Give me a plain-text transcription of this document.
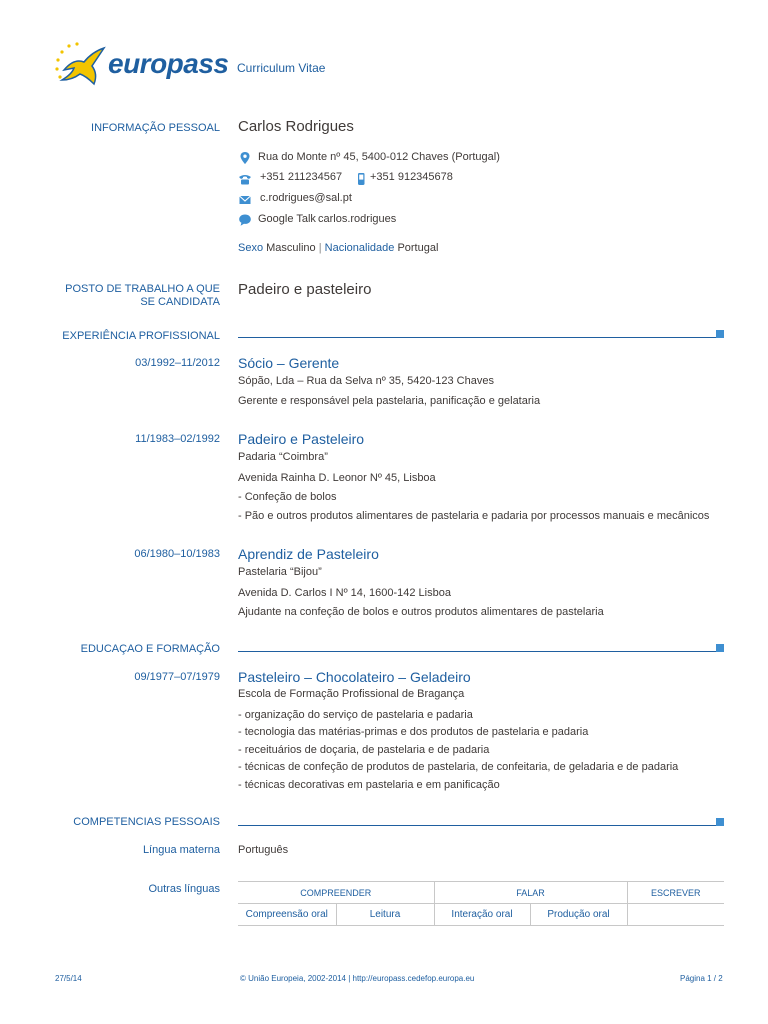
europass Curriculum Vitae
INFORMAÇÃO PESSOAL Carlos Rodrigues
Rua do Monte nº 45, 5400-012 Chaves (Portugal)
+351 211234567	+351 912345678
c.rodrigues@sal.pt
Google Talk carlos.rodrigues
Sexo Masculino | Nacionalidade Portugal
POSTO DE TRABALHO A QUE
SE CANDIDATA
Padeiro e pasteleiro
EXPERIÊNCIA PROFISSIONAL
03/1992–11/2012 Sócio – Gerente
Sópão, Lda – Rua da Selva nº 35, 5420-123 Chaves
Gerente e responsável pela pastelaria, panificação e gelataria
11/1983–02/1992 Padeiro e Pasteleiro
Padaria “Coimbra”
Avenida Rainha D. Leonor Nº 45, Lisboa
- Confeção de bolos
- Pão e outros produtos alimentares de pastelaria e padaria por processos manuais e mecânicos
06/1980–10/1983 Aprendiz de Pasteleiro
Pastelaria “Bijou”
Avenida D. Carlos I Nº 14, 1600-142 Lisboa
Ajudante na confeção de bolos e outros produtos alimentares de pastelaria
EDUCAÇAO E FORMAÇÃO
09/1977–07/1979 Pasteleiro – Chocolateiro – Geladeiro
Escola de Formação Profissional de Bragança
- organização do serviço de pastelaria e padaria
- tecnologia das matérias-primas e dos produtos de pastelaria e padaria
- receituários de doçaria, de pastelaria e de padaria
- técnicas de confeção de produtos de pastelaria, de confeitaria, de geladaria e de padaria
- técnicas decorativas em pastelaria e em panificação
COMPETENCIAS PESSOAIS
Língua materna Português
Outras línguas	COMPREENDER		FALAR		ESCREVER
Compreensão oral	Leitura	Interação oral	Produção oral	
27/5/14	© União Europeia, 2002-2014 | http://europass.cedefop.europa.eu	Página 1 / 2
